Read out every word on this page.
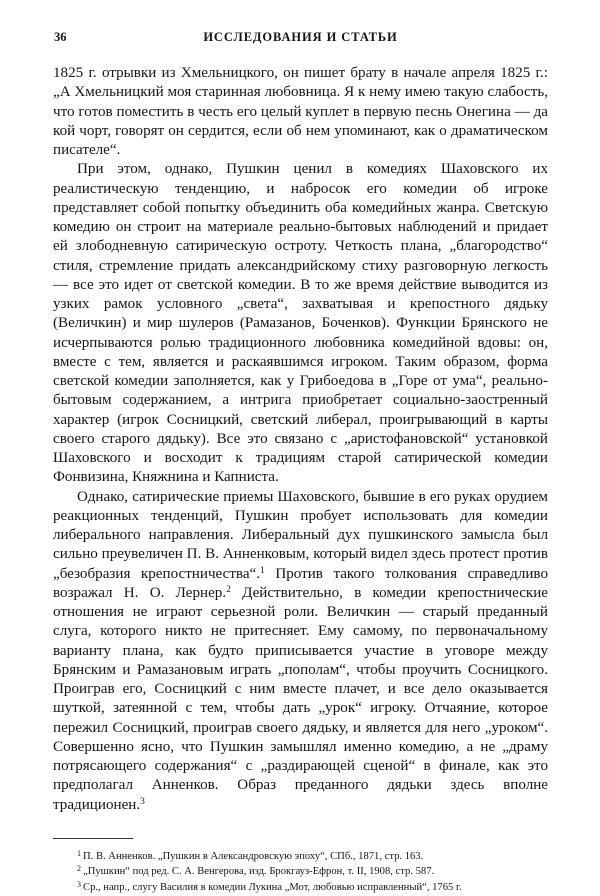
36	ИССЛЕДОВАНИЯ И СТАТЬИ

1825 г. отрывки из Хмельницкого, он пишет брату в начале апреля 1825 г.: „А Хмельницкий моя старинная любовница. Я к нему имею такую слабость, что готов поместить в честь его целый куплет в первую песнь Онегина — да кой чорт, говорят он сердится, если об нем упоминают, как о драматическом писателе“.

При этом, однако, Пушкин ценил в комедиях Шаховского их реалистическую тенденцию, и набросок его комедии об игроке представляет собой попытку объединить оба комедийных жанра. Светскую комедию он строит на материале реально-бытовых наблюдений и придает ей злободневную сатирическую остроту. Четкость плана, „благородство“ стиля, стремление придать александрийскому стиху разговорную легкость — все это идет от светской комедии. В то же время действие выводится из узких рамок условного „света“, захватывая и крепостного дядьку (Величкин) и мир шулеров (Рамазанов, Боченков). Функции Брянского не исчерпываются ролью традиционного любовника комедийной вдовы: он, вместе с тем, является и раскаявшимся игроком. Таким образом, форма светской комедии заполняется, как у Грибоедова в „Горе от ума“, реально-бытовым содержанием, а интрига приобретает социально-заостренный характер (игрок Сосницкий, светский либерал, проигрывающий в карты своего старого дядьку). Все это связано с „аристофановской“ установкой Шаховского и восходит к традициям старой сатирической комедии Фонвизина, Княжнина и Капниста.

Однако, сатирические приемы Шаховского, бывшие в его руках орудием реакционных тенденций, Пушкин пробует использовать для комедии либерального направления. Либеральный дух пушкинского замысла был сильно преувеличен П. В. Анненковым, который видел здесь протест против „безобразия крепостничества“.$^1$ Против такого толкования справедливо возражал Н. О. Лернер.$^2$ Действительно, в комедии крепостнические отношения не играют серьезной роли. Величкин — старый преданный слуга, которого никто не притесняет. Ему самому, по первоначальному варианту плана, как будто приписывается участие в уговоре между Брянским и Рамазановым играть „пополам“, чтобы проучить Сосницкого. Проиграв его, Сосницкий с ним вместе плачет, и все дело оказывается шуткой, затеянной с тем, чтобы дать „урок“ игроку. Отчаяние, которое пережил Сосницкий, проиграв своего дядьку, и является для него „уроком“. Совершенно ясно, что Пушкин замышлял именно комедию, а не „драму потрясающего содержания“ с „раздирающей сценой“ в финале, как это предполагал Анненков. Образ преданного дядьки здесь вполне традиционен.$^3$

$^1$ П. В. Анненков. „Пушкин в Александровскую эпоху“, СПб., 1871, стр. 163.
$^2$ „Пушкин“ под ред. С. А. Венгерова, изд. Брокгауз-Ефрон, т. II, 1908, стр. 587.
$^3$ Ср., напр., слугу Василия в комедии Лукина „Мот, любовью исправленный“, 1765 г.
